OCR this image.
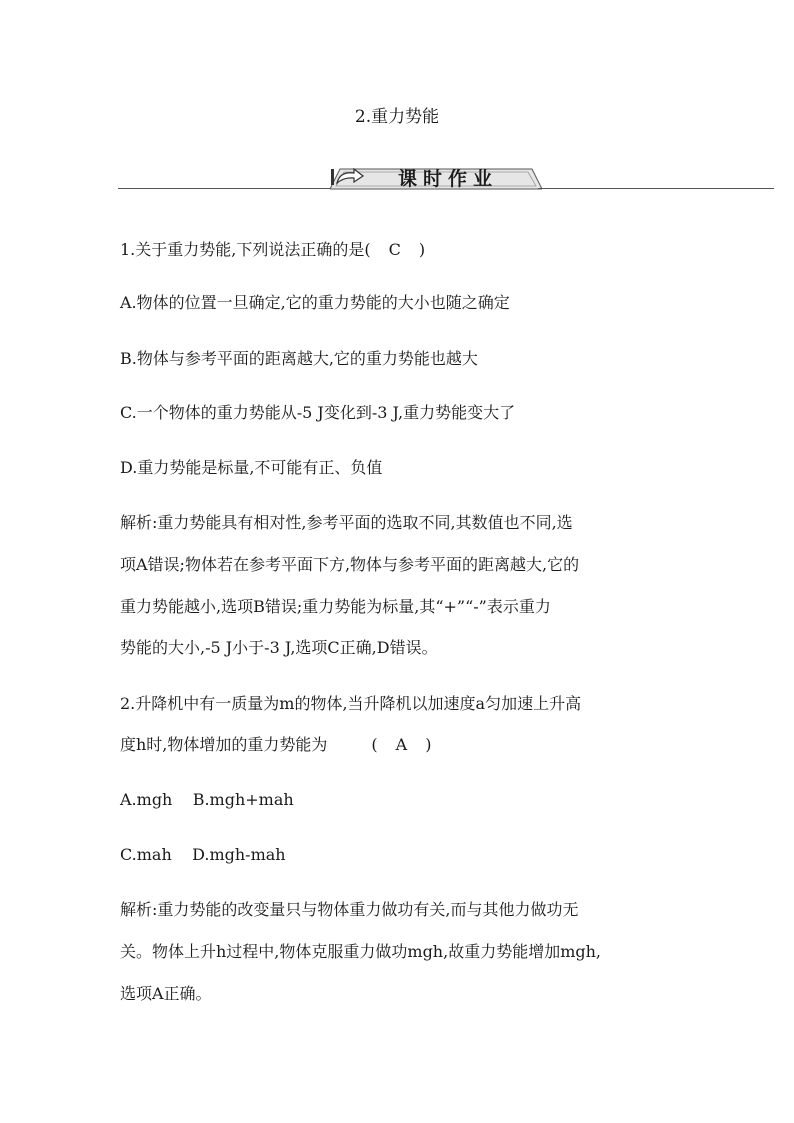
2.重力势能
课时作业
1.关于重力势能,下列说法正确的是( C )
A.物体的位置一旦确定,它的重力势能的大小也随之确定
B.物体与参考平面的距离越大,它的重力势能也越大
C.一个物体的重力势能从-5 J变化到-3 J,重力势能变大了
D.重力势能是标量,不可能有正、负值
解析:重力势能具有相对性,参考平面的选取不同,其数值也不同,选
项A错误;物体若在参考平面下方,物体与参考平面的距离越大,它的
重力势能越小,选项B错误;重力势能为标量,其“+”“-”表示重力
势能的大小,-5 J小于-3 J,选项C正确,D错误。
2.升降机中有一质量为m的物体,当升降机以加速度a匀加速上升高
度h时,物体增加的重力势能为	( A )
A.mgh    B.mgh+mah
C.mah    D.mgh-mah
解析:重力势能的改变量只与物体重力做功有关,而与其他力做功无
关。物体上升h过程中,物体克服重力做功mgh,故重力势能增加mgh,
选项A正确。
